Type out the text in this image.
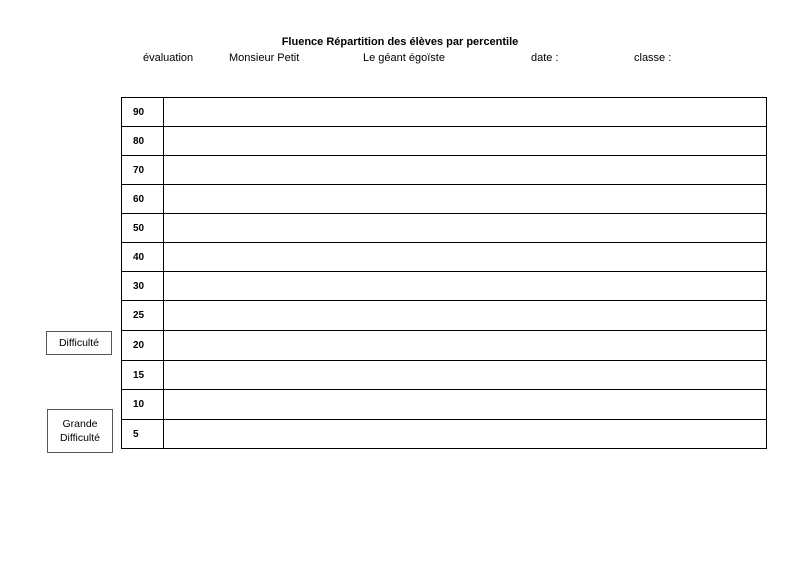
Fluence Répartition des élèves par percentile
évaluation	Monsieur Petit	Le géant égoïste	date :	classe :
90	
80	
70	
60	
50	
40	
30	
25	
20	
15	
10	
5	
Difficulté
Grande
Difficulté
